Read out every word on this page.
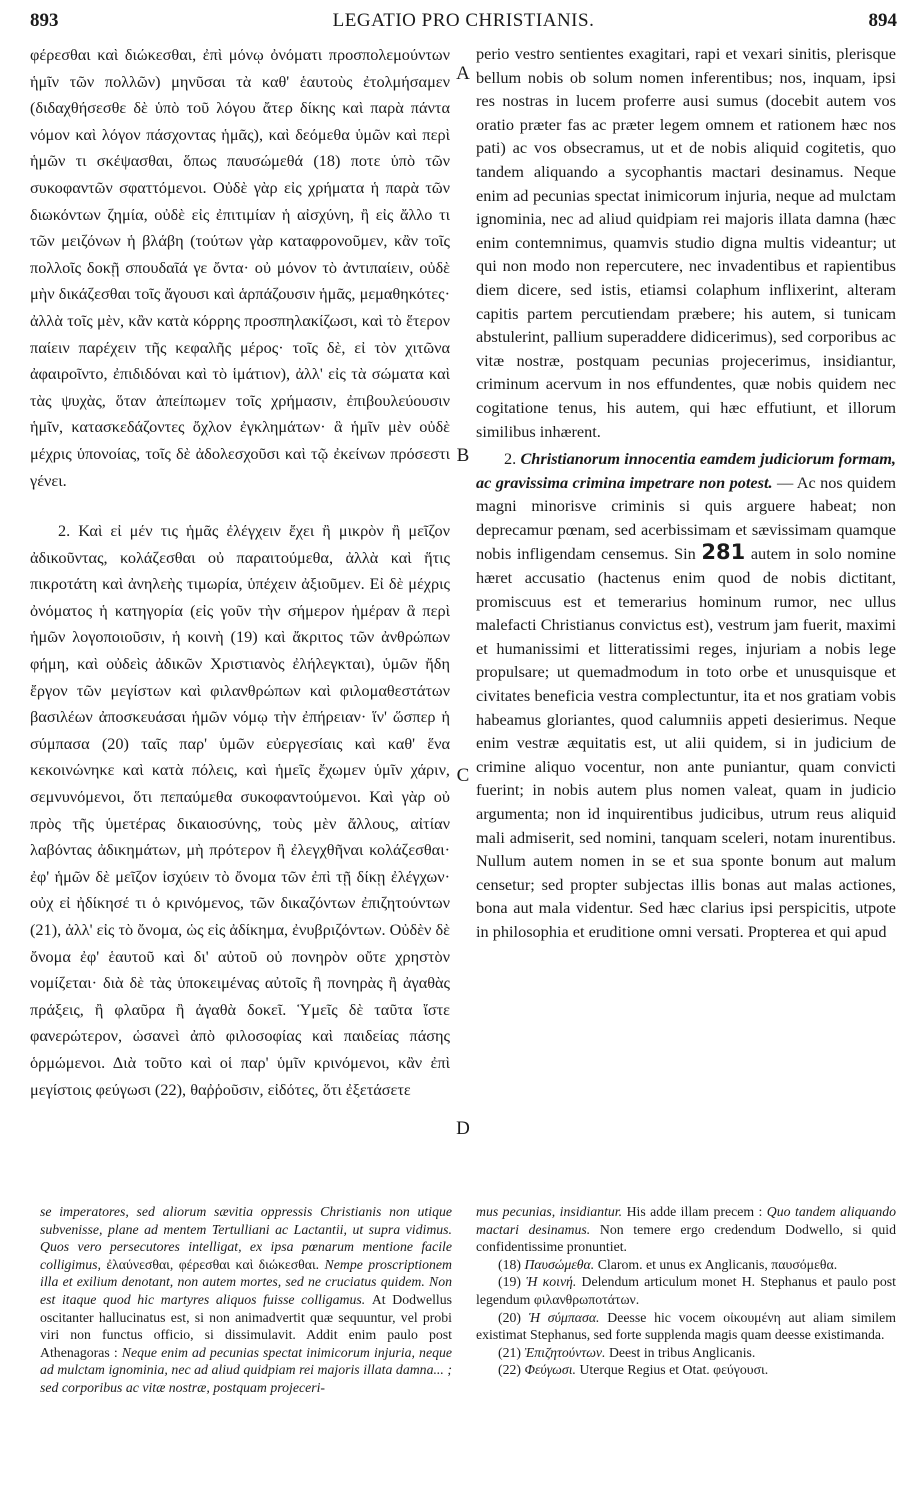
893	LEGATIO PRO CHRISTIANIS.	894

φέρεσθαι καὶ διώκεσθαι, ἐπὶ μόνῳ ὀνόματι προσπολεμούντων ἡμῖν τῶν πολλῶν) μηνῦσαι τὰ καθ' ἑαυτοὺς ἐτολμήσαμεν (διδαχθήσεσθε δὲ ὑπὸ τοῦ λόγου ἄτερ δίκης καὶ παρὰ πάντα νόμον καὶ λόγον πάσχοντας ἡμᾶς), καὶ δεόμεθα ὑμῶν καὶ περὶ ἡμῶν τι σκέψασθαι, ὅπως παυσώμεθά (18) ποτε ὑπὸ τῶν συκοφαντῶν σφαττόμενοι. Οὐδὲ γὰρ εἰς χρήματα ἡ παρὰ τῶν διωκόντων ζημία, οὐδὲ εἰς ἐπιτιμίαν ἡ αἰσχύνη, ἢ εἰς ἄλλο τι τῶν μειζόνων ἡ βλάβη (τούτων γὰρ καταφρονοῦμεν, κἂν τοῖς πολλοῖς δοκῇ σπουδαῖά γε ὄντα· οὐ μόνον τὸ ἀντιπαίειν, οὐδὲ μὴν δικάζεσθαι τοῖς ἄγουσι καὶ ἁρπάζουσιν ἡμᾶς, μεμαθηκότες· ἀλλὰ τοῖς μὲν, κἂν κατὰ κόρρης προσπηλακίζωσι, καὶ τὸ ἕτερον παίειν παρέχειν τῆς κεφαλῆς μέρος· τοῖς δὲ, εἰ τὸν χιτῶνα ἀφαιροῖντο, ἐπιδιδόναι καὶ τὸ ἱμάτιον), ἀλλ' εἰς τὰ σώματα καὶ τὰς ψυχὰς, ὅταν ἀπείπωμεν τοῖς χρήμασιν, ἐπιβουλεύουσιν ἡμῖν, κατασκεδάζοντες ὄχλον ἐγκλημάτων· ἃ ἡμῖν μὲν οὐδὲ μέχρις ὑπονοίας, τοῖς δὲ ἀδολεσχοῦσι καὶ τῷ ἐκείνων πρόσεστι γένει.

2. Καὶ εἰ μέν τις ἡμᾶς ἐλέγχειν ἔχει ἢ μικρὸν ἢ μεῖζον ἀδικοῦντας, κολάζεσθαι οὐ παραιτούμεθα, ἀλλὰ καὶ ἥτις πικροτάτη καὶ ἀνηλεὴς τιμωρία, ὑπέχειν ἀξιοῦμεν. Εἰ δὲ μέχρις ὀνόματος ἡ κατηγορία (εἰς γοῦν τὴν σήμερον ἡμέραν ἃ περὶ ἡμῶν λογοποιοῦσιν, ἡ κοινὴ (19) καὶ ἄκριτος τῶν ἀνθρώπων φήμη, καὶ οὐδεὶς ἀδικῶν Χριστιανὸς ἐλήλεγκται), ὑμῶν ἤδη ἔργον τῶν μεγίστων καὶ φιλανθρώπων καὶ φιλομαθεστάτων βασιλέων ἀποσκευάσαι ἡμῶν νόμῳ τὴν ἐπήρειαν· ἵν' ὥσπερ ἡ σύμπασα (20) ταῖς παρ' ὑμῶν εὐεργεσίαις καὶ καθ' ἕνα κεκοινώνηκε καὶ κατὰ πόλεις, καὶ ἡμεῖς ἔχωμεν ὑμῖν χάριν, σεμνυνόμενοι, ὅτι πεπαύμεθα συκοφαντούμενοι. Καὶ γὰρ οὐ πρὸς τῆς ὑμετέρας δικαιοσύνης, τοὺς μὲν ἄλλους, αἰτίαν λαβόντας ἀδικημάτων, μὴ πρότερον ἢ ἐλεγχθῆναι κολάζεσθαι· ἐφ' ἡμῶν δὲ μεῖζον ἰσχύειν τὸ ὄνομα τῶν ἐπὶ τῇ δίκῃ ἐλέγχων· οὐχ εἰ ἠδίκησέ τι ὁ κρινόμενος, τῶν δικαζόντων ἐπιζητούντων (21), ἀλλ' εἰς τὸ ὄνομα, ὡς εἰς ἀδίκημα, ἐνυβριζόντων. Οὐδὲν δὲ ὄνομα ἐφ' ἑαυτοῦ καὶ δι' αὐτοῦ οὐ πονηρὸν οὔτε χρηστὸν νομίζεται· διὰ δὲ τὰς ὑποκειμένας αὐτοῖς ἢ πονηρὰς ἢ ἀγαθὰς πράξεις, ἢ φλαῦρα ἢ ἀγαθὰ δοκεῖ. Ὑμεῖς δὲ ταῦτα ἴστε φανερώτερον, ὡσανεὶ ἀπὸ φιλοσοφίας καὶ παιδείας πάσης ὁρμώμενοι. Διὰ τοῦτο καὶ οἱ παρ' ὑμῖν κρινόμενοι, κἂν ἐπὶ μεγίστοις φεύγωσι (22), θαῤῥοῦσιν, εἰδότες, ὅτι ἐξετάσετε

A
B
C
D

perio vestro sentientes exagitari, rapi et vexari sinitis, plerisque bellum nobis ob solum nomen inferentibus; nos, inquam, ipsi res nostras in lucem proferre ausi sumus (docebit autem vos oratio præter fas ac præter legem omnem et rationem hæc nos pati) ac vos obsecramus, ut et de nobis aliquid cogitetis, quo tandem aliquando a sycophantis mactari desinamus. Neque enim ad pecunias spectat inimicorum injuria, neque ad mulctam ignominia, nec ad aliud quidpiam rei majoris illata damna (hæc enim contemnimus, quamvis studio digna multis videantur; ut qui non modo non repercutere, nec invadentibus et rapientibus diem dicere, sed istis, etiamsi colaphum inflixerint, alteram capitis partem percutiendam præbere; his autem, si tunicam abstulerint, pallium superaddere didicerimus), sed corporibus ac vitæ nostræ, postquam pecunias projecerimus, insidiantur, criminum acervum in nos effundentes, quæ nobis quidem nec cogitatione tenus, his autem, qui hæc effutiunt, et illorum similibus inhærent.

2. Christianorum innocentia eamdem judiciorum formam, ac gravissima crimina impetrare non potest. — Ac nos quidem magni minorisve criminis si quis arguere habeat; non deprecamur pœnam, sed acerbissimam et sævissimam quamque nobis infligendam censemus. Sin 281 autem in solo nomine hæret accusatio (hactenus enim quod de nobis dictitant, promiscuus est et temerarius hominum rumor, nec ullus malefacti Christianus convictus est), vestrum jam fuerit, maximi et humanissimi et litteratissimi reges, injuriam a nobis lege propulsare; ut quemadmodum in toto orbe et unusquisque et civitates beneficia vestra complectuntur, ita et nos gratiam vobis habeamus gloriantes, quod calumniis appeti desierimus. Neque enim vestræ æquitatis est, ut alii quidem, si in judicium de crimine aliquo vocentur, non ante puniantur, quam convicti fuerint; in nobis autem plus nomen valeat, quam in judicio argumenta; non id inquirentibus judicibus, utrum reus aliquid mali admiserit, sed nomini, tanquam sceleri, notam inurentibus. Nullum autem nomen in se et sua sponte bonum aut malum censetur; sed propter subjectas illis bonas aut malas actiones, bona aut mala videntur. Sed hæc clarius ipsi perspicitis, utpote in philosophia et eruditione omni versati. Propterea et qui apud

se imperatores, sed aliorum sævitia oppressis Christianis non utique subvenisse, plane ad mentem Tertulliani ac Lactantii, ut supra vidimus. Quos vero persecutores intelligat, ex ipsa pœnarum mentione facile colligimus, ἐλαύνεσθαι, φέρεσθαι καὶ διώκεσθαι. Nempe proscriptionem illa et exilium denotant, non autem mortes, sed ne cruciatus quidem. Non est itaque quod hic martyres aliquos fuisse colligamus. At Dodwellus oscitanter hallucinatus est, si non animadvertit quæ sequuntur, vel probi viri non functus officio, si dissimulavit. Addit enim paulo post Athenagoras : Neque enim ad pecunias spectat inimicorum injuria, neque ad mulctam ignominia, nec ad aliud quidpiam rei majoris illata damna... ; sed corporibus ac vitæ nostræ, postquam projeceri-

mus pecunias, insidiantur. His adde illam precem : Quo tandem aliquando mactari desinamus. Non temere ergo credendum Dodwello, si quid confidentissime pronuntiet.

(18) Παυσώμεθα. Clarom. et unus ex Anglicanis, παυσόμεθα.

(19) Ἡ κοινή. Delendum articulum monet H. Stephanus et paulo post legendum φιλανθρωποτάτων.

(20) Ἡ σύμπασα. Deesse hic vocem οἰκουμένη aut aliam similem existimat Stephanus, sed forte supplenda magis quam deesse existimanda.

(21) Ἐπιζητούντων. Deest in tribus Anglicanis.

(22) Φεύγωσι. Uterque Regius et Otat. φεύγουσι.
